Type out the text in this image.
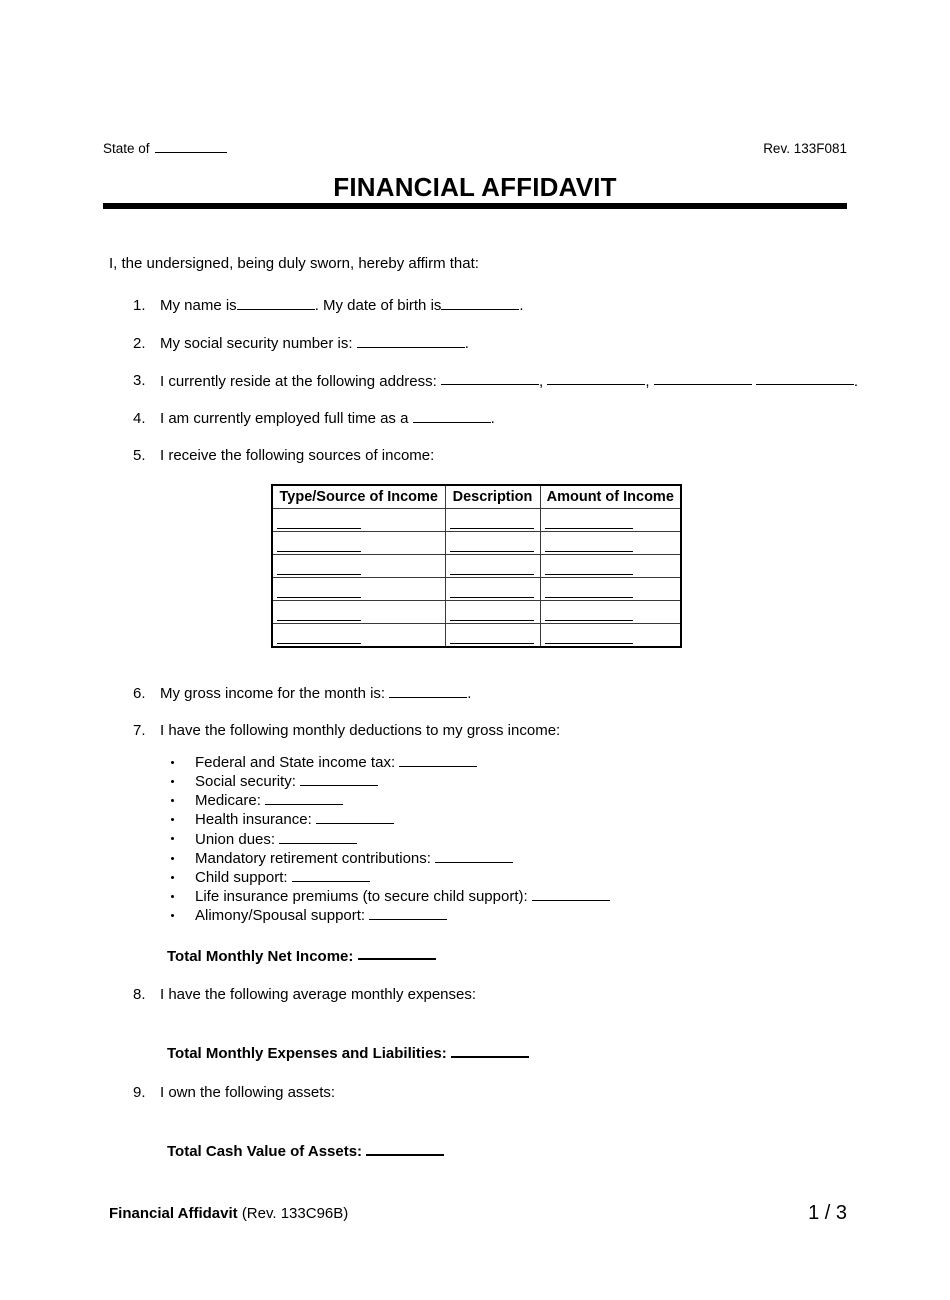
State of	Rev. 133F081
FINANCIAL AFFIDAVIT
I, the undersigned, being duly sworn, hereby affirm that:
1. My name is	. My date of birth is	.
2. My social security number is:	.
3. I currently reside at the following address:	,	,	.
4. I am currently employed full time as a	.
5. I receive the following sources of income:
Type/Source of Income	Description	Amount of Income

6. My gross income for the month is:	.
7. I have the following monthly deductions to my gross income:
Federal and State income tax:
Social security:
Medicare:
Health insurance:
Union dues:
Mandatory retirement contributions:
Child support:
Life insurance premiums (to secure child support):
Alimony/Spousal support:
Total Monthly Net Income:
8. I have the following average monthly expenses:
Total Monthly Expenses and Liabilities:
9. I own the following assets:
Total Cash Value of Assets:
Financial Affidavit (Rev. 133C96B)	1 / 3
